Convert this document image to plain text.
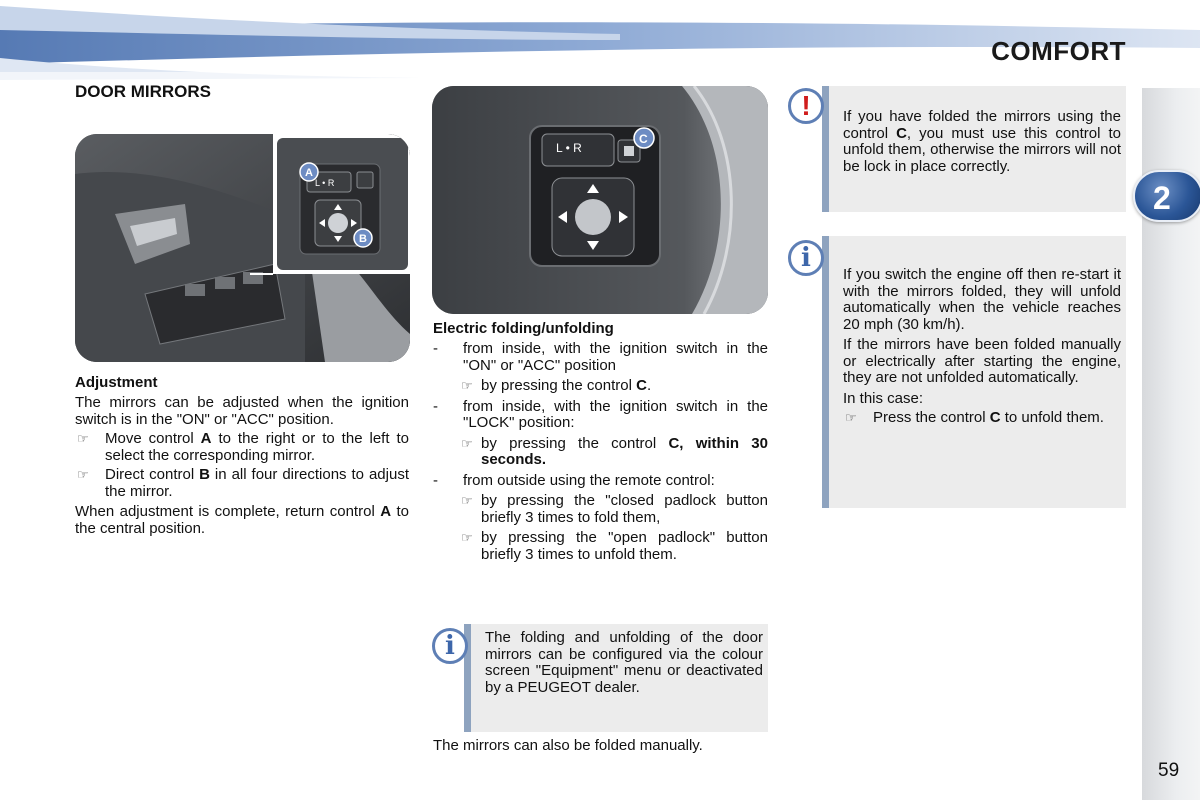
COMFORT
2
DOOR MIRRORS
L • R
A
B
Adjustment
The mirrors can be adjusted when the ignition switch is in the "ON" or "ACC" position.
☞ Move control A to the right or to the left to select the corresponding mirror.
☞ Direct control B in all four directions to adjust the mirror.
When adjustment is complete, return control A to the central position.
L • R
C
Electric folding/unfolding
- from inside, with the ignition switch in the "ON" or "ACC" position
☞ by pressing the control C.
- from inside, with the ignition switch in the "LOCK" position:
☞ by pressing the control C, within 30 seconds.
- from outside using the remote control:
☞ by pressing the "closed padlock button briefly 3 times to fold them,
☞ by pressing the "open padlock" button briefly 3 times to unfold them.
The folding and unfolding of the door mirrors can be configured via the colour screen "Equipment" menu or deactivated by a PEUGEOT dealer.
i
The mirrors can also be folded manually.
If you have folded the mirrors using the control C, you must use this control to unfold them, otherwise the mirrors will not be lock in place correctly.
!
If you switch the engine off then re-start it with the mirrors folded, they will unfold automatically when the vehicle reaches 20 mph (30 km/h).
If the mirrors have been folded manually or electrically after starting the engine, they are not unfolded automatically.
In this case:
☞ Press the control C to unfold them.
i
59
